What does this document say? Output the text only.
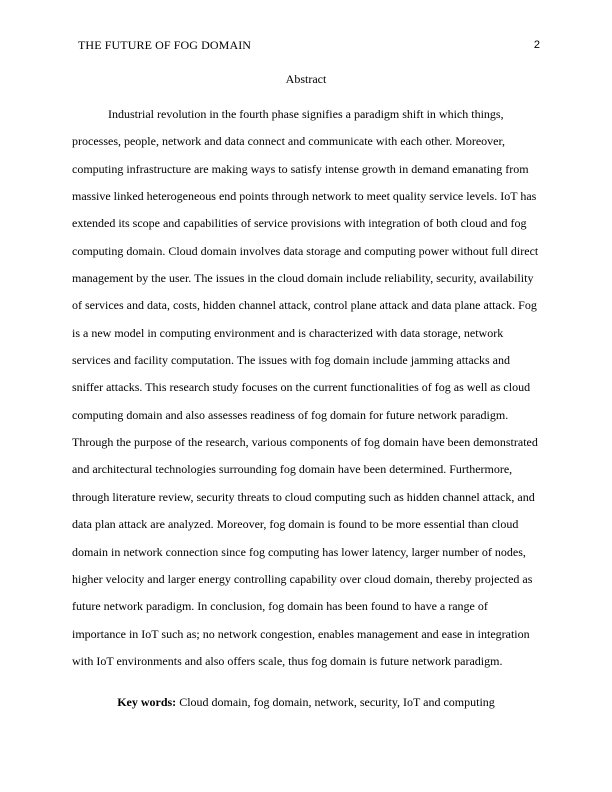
THE FUTURE OF FOG DOMAIN	2
Abstract

Industrial revolution in the fourth phase signifies a paradigm shift in which things, processes, people, network and data connect and communicate with each other. Moreover, computing infrastructure are making ways to satisfy intense growth in demand emanating from massive linked heterogeneous end points through network to meet quality service levels. IoT has extended its scope and capabilities of service provisions with integration of both cloud and fog computing domain. Cloud domain involves data storage and computing power without full direct management by the user. The issues in the cloud domain include reliability, security, availability of services and data, costs, hidden channel attack, control plane attack and data plane attack. Fog is a new model in computing environment and is characterized with data storage, network services and facility computation. The issues with fog domain include jamming attacks and sniffer attacks. This research study focuses on the current functionalities of fog as well as cloud computing domain and also assesses readiness of fog domain for future network paradigm. Through the purpose of the research, various components of fog domain have been demonstrated and architectural technologies surrounding fog domain have been determined. Furthermore, through literature review, security threats to cloud computing such as hidden channel attack, and data plan attack are analyzed. Moreover, fog domain is found to be more essential than cloud domain in network connection since fog computing has lower latency, larger number of nodes, higher velocity and larger energy controlling capability over cloud domain, thereby projected as future network paradigm. In conclusion, fog domain has been found to have a range of importance in IoT such as; no network congestion, enables management and ease in integration with IoT environments and also offers scale, thus fog domain is future network paradigm.

Key words: Cloud domain, fog domain, network, security, IoT and computing
